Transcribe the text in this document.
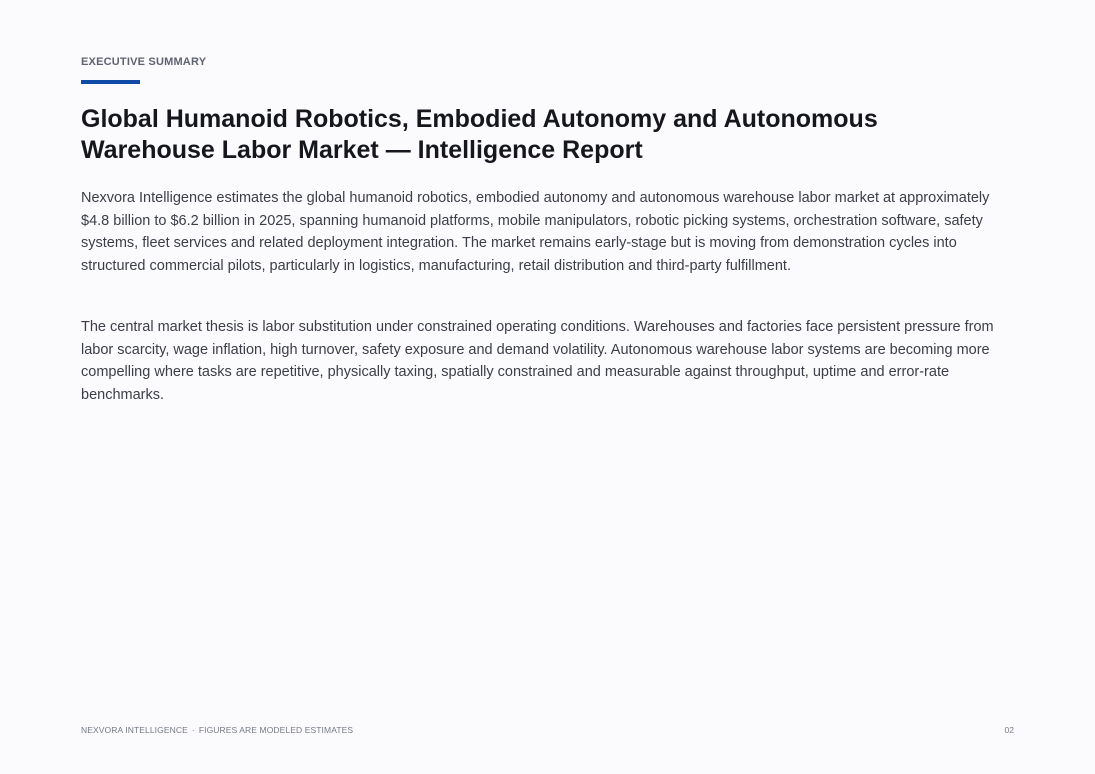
EXECUTIVE SUMMARY
Global Humanoid Robotics, Embodied Autonomy and Autonomous Warehouse Labor Market — Intelligence Report

Nexvora Intelligence estimates the global humanoid robotics, embodied autonomy and autonomous warehouse labor market at approximately $4.8 billion to $6.2 billion in 2025, spanning humanoid platforms, mobile manipulators, robotic picking systems, orchestration software, safety systems, fleet services and related deployment integration. The market remains early-stage but is moving from demonstration cycles into structured commercial pilots, particularly in logistics, manufacturing, retail distribution and third-party fulfillment.

The central market thesis is labor substitution under constrained operating conditions. Warehouses and factories face persistent pressure from labor scarcity, wage inflation, high turnover, safety exposure and demand volatility. Autonomous warehouse labor systems are becoming more compelling where tasks are repetitive, physically taxing, spatially constrained and measurable against throughput, uptime and error-rate benchmarks.

NEXVORA INTELLIGENCE · FIGURES ARE MODELED ESTIMATES	02
